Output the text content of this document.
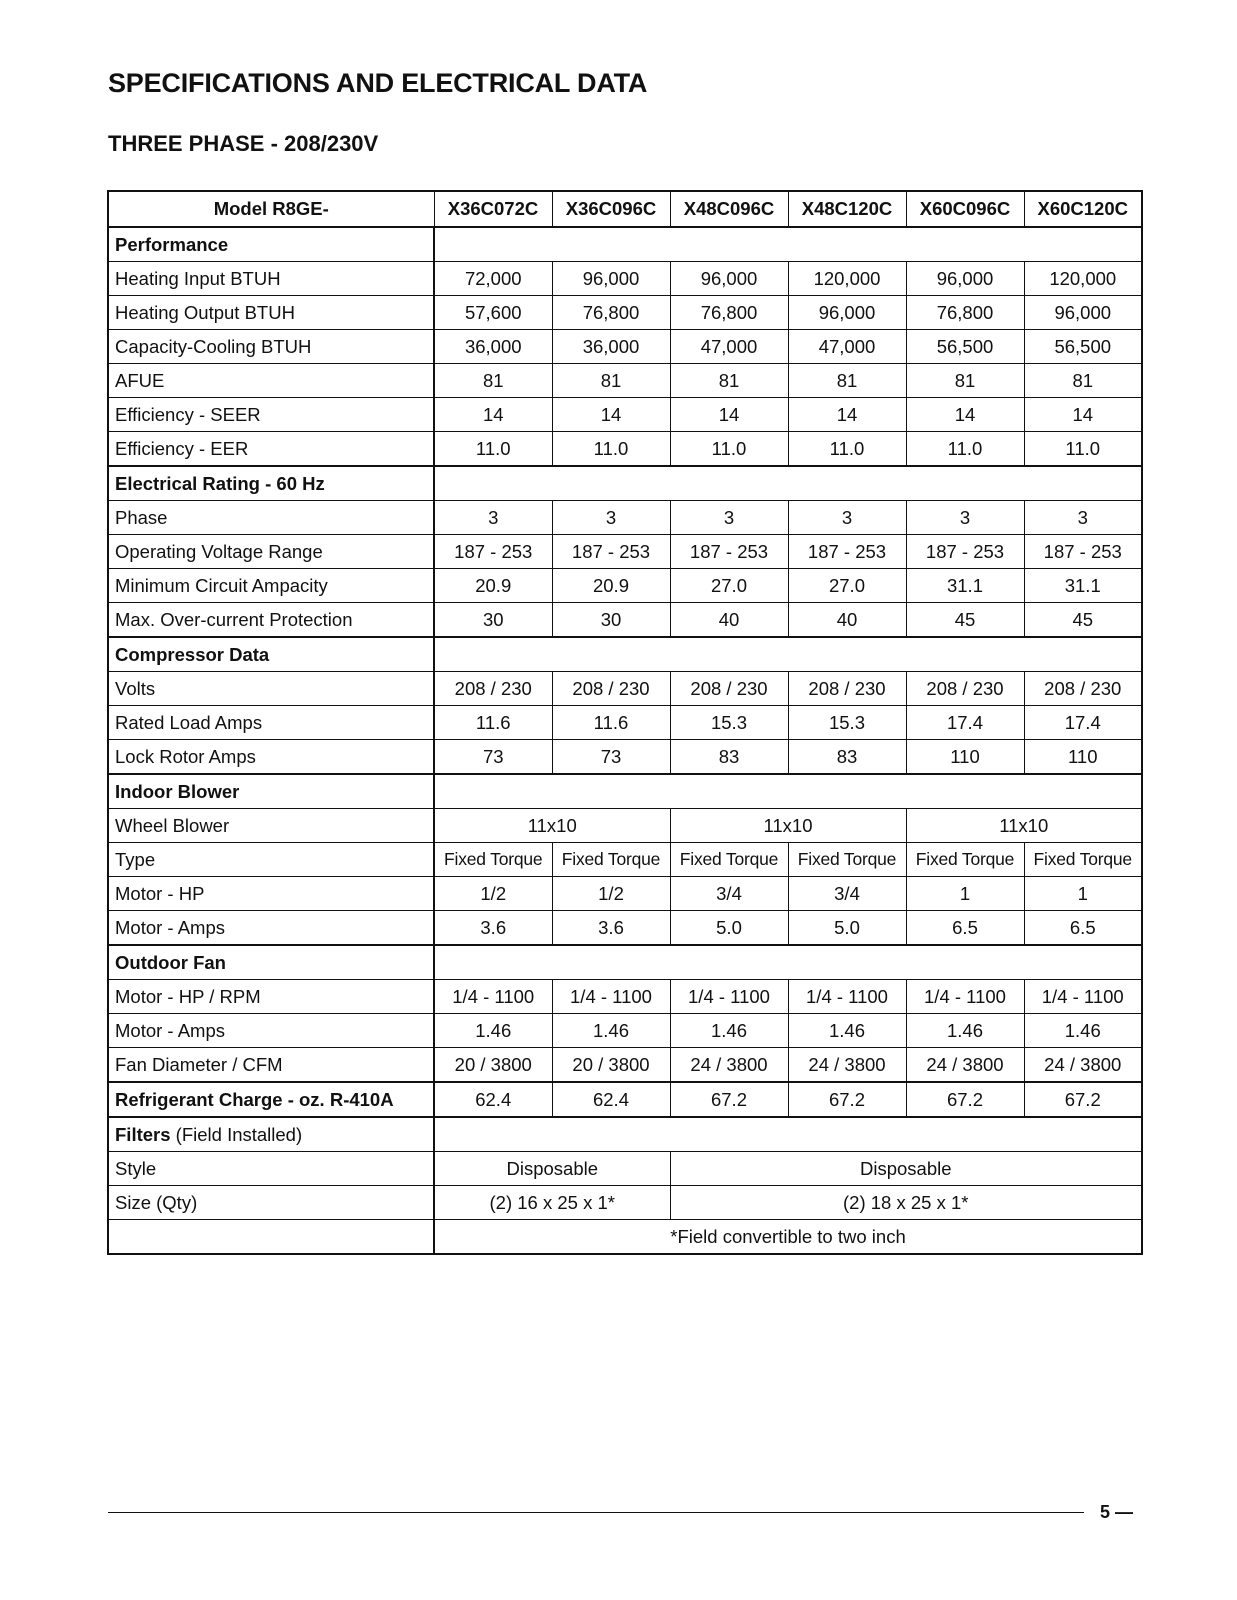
SPECIFICATIONS AND ELECTRICAL DATA
THREE PHASE - 208/230V
Model R8GE-	X36C072C	X36C096C	X48C096C	X48C120C	X60C096C	X60C120C
Performance						
Heating Input BTUH	72,000	96,000	96,000	120,000	96,000	120,000
Heating Output BTUH	57,600	76,800	76,800	96,000	76,800	96,000
Capacity-Cooling BTUH	36,000	36,000	47,000	47,000	56,500	56,500
AFUE	81	81	81	81	81	81
Efficiency - SEER	14	14	14	14	14	14
Efficiency - EER	11.0	11.0	11.0	11.0	11.0	11.0
Electrical Rating - 60 Hz						
Phase	3	3	3	3	3	3
Operating Voltage Range	187 - 253	187 - 253	187 - 253	187 - 253	187 - 253	187 - 253
Minimum Circuit Ampacity	20.9	20.9	27.0	27.0	31.1	31.1
Max. Over-current Protection	30	30	40	40	45	45
Compressor Data						
Volts	208 / 230	208 / 230	208 / 230	208 / 230	208 / 230	208 / 230
Rated Load Amps	11.6	11.6	15.3	15.3	17.4	17.4
Lock Rotor Amps	73	73	83	83	110	110
Indoor Blower						
Wheel Blower	11x10		11x10		11x10	
Type	Fixed Torque	Fixed Torque	Fixed Torque	Fixed Torque	Fixed Torque	Fixed Torque
Motor - HP	1/2	1/2	3/4	3/4	1	1
Motor - Amps	3.6	3.6	5.0	5.0	6.5	6.5
Outdoor Fan						
Motor - HP / RPM	1/4 - 1100	1/4 - 1100	1/4 - 1100	1/4 - 1100	1/4 - 1100	1/4 - 1100
Motor - Amps	1.46	1.46	1.46	1.46	1.46	1.46
Fan Diameter / CFM	20 / 3800	20 / 3800	24 / 3800	24 / 3800	24 / 3800	24 / 3800
Refrigerant Charge - oz. R-410A	62.4	62.4	67.2	67.2	67.2	67.2
Filters (Field Installed)						
Style	Disposable		Disposable			
Size (Qty)	(2) 16 x 25 x 1*		(2) 18 x 25 x 1*			
	*Field convertible to two inch					
5 —
